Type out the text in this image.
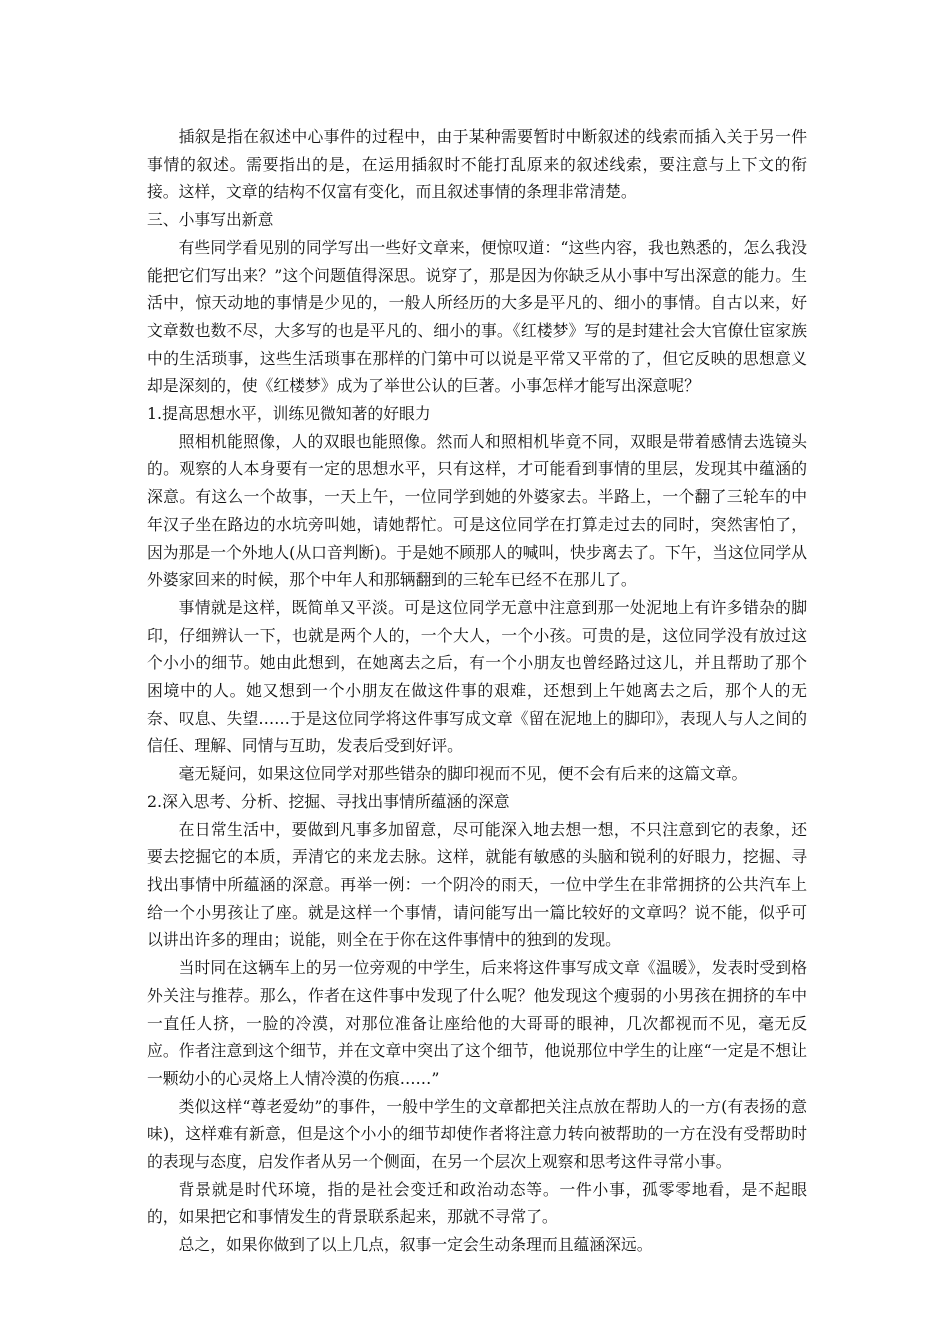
插叙是指在叙述中心事件的过程中，由于某种需要暂时中断叙述的线索而插入关于另一件事情的叙述。需要指出的是，在运用插叙时不能打乱原来的叙述线索，要注意与上下文的衔接。这样，文章的结构不仅富有变化，而且叙述事情的条理非常清楚。

三、小事写出新意

有些同学看见别的同学写出一些好文章来，便惊叹道：“这些内容，我也熟悉的，怎么我没能把它们写出来？”这个问题值得深思。说穿了，那是因为你缺乏从小事中写出深意的能力。生活中，惊天动地的事情是少见的，一般人所经历的大多是平凡的、细小的事情。自古以来，好文章数也数不尽，大多写的也是平凡的、细小的事。《红楼梦》写的是封建社会大官僚仕宦家族中的生活琐事，这些生活琐事在那样的门第中可以说是平常又平常的了，但它反映的思想意义却是深刻的，使《红楼梦》成为了举世公认的巨著。小事怎样才能写出深意呢？

1.提高思想水平，训练见微知著的好眼力

照相机能照像，人的双眼也能照像。然而人和照相机毕竟不同，双眼是带着感情去选镜头的。观察的人本身要有一定的思想水平，只有这样，才可能看到事情的里层，发现其中蕴涵的深意。有这么一个故事，一天上午，一位同学到她的外婆家去。半路上，一个翻了三轮车的中年汉子坐在路边的水坑旁叫她，请她帮忙。可是这位同学在打算走过去的同时，突然害怕了，因为那是一个外地人(从口音判断)。于是她不顾那人的喊叫，快步离去了。下午，当这位同学从外婆家回来的时候，那个中年人和那辆翻到的三轮车已经不在那儿了。

事情就是这样，既简单又平淡。可是这位同学无意中注意到那一处泥地上有许多错杂的脚印，仔细辨认一下，也就是两个人的，一个大人，一个小孩。可贵的是，这位同学没有放过这个小小的细节。她由此想到，在她离去之后，有一个小朋友也曾经路过这儿，并且帮助了那个困境中的人。她又想到一个小朋友在做这件事的艰难，还想到上午她离去之后，那个人的无奈、叹息、失望……于是这位同学将这件事写成文章《留在泥地上的脚印》，表现人与人之间的信任、理解、同情与互助，发表后受到好评。

毫无疑问，如果这位同学对那些错杂的脚印视而不见，便不会有后来的这篇文章。

2.深入思考、分析、挖掘、寻找出事情所蕴涵的深意

在日常生活中，要做到凡事多加留意，尽可能深入地去想一想，不只注意到它的表象，还要去挖掘它的本质，弄清它的来龙去脉。这样，就能有敏感的头脑和锐利的好眼力，挖掘、寻找出事情中所蕴涵的深意。再举一例：一个阴冷的雨天，一位中学生在非常拥挤的公共汽车上给一个小男孩让了座。就是这样一个事情，请问能写出一篇比较好的文章吗？说不能，似乎可以讲出许多的理由；说能，则全在于你在这件事情中的独到的发现。

当时同在这辆车上的另一位旁观的中学生，后来将这件事写成文章《温暖》，发表时受到格外关注与推荐。那么，作者在这件事中发现了什么呢？他发现这个瘦弱的小男孩在拥挤的车中一直任人挤，一脸的冷漠，对那位准备让座给他的大哥哥的眼神，几次都视而不见，毫无反应。作者注意到这个细节，并在文章中突出了这个细节，他说那位中学生的让座“一定是不想让一颗幼小的心灵烙上人情冷漠的伤痕……”

类似这样“尊老爱幼”的事件，一般中学生的文章都把关注点放在帮助人的一方(有表扬的意味)，这样难有新意，但是这个小小的细节却使作者将注意力转向被帮助的一方在没有受帮助时的表现与态度，启发作者从另一个侧面，在另一个层次上观察和思考这件寻常小事。

背景就是时代环境，指的是社会变迁和政治动态等。一件小事，孤零零地看，是不起眼的，如果把它和事情发生的背景联系起来，那就不寻常了。

总之，如果你做到了以上几点，叙事一定会生动条理而且蕴涵深远。
